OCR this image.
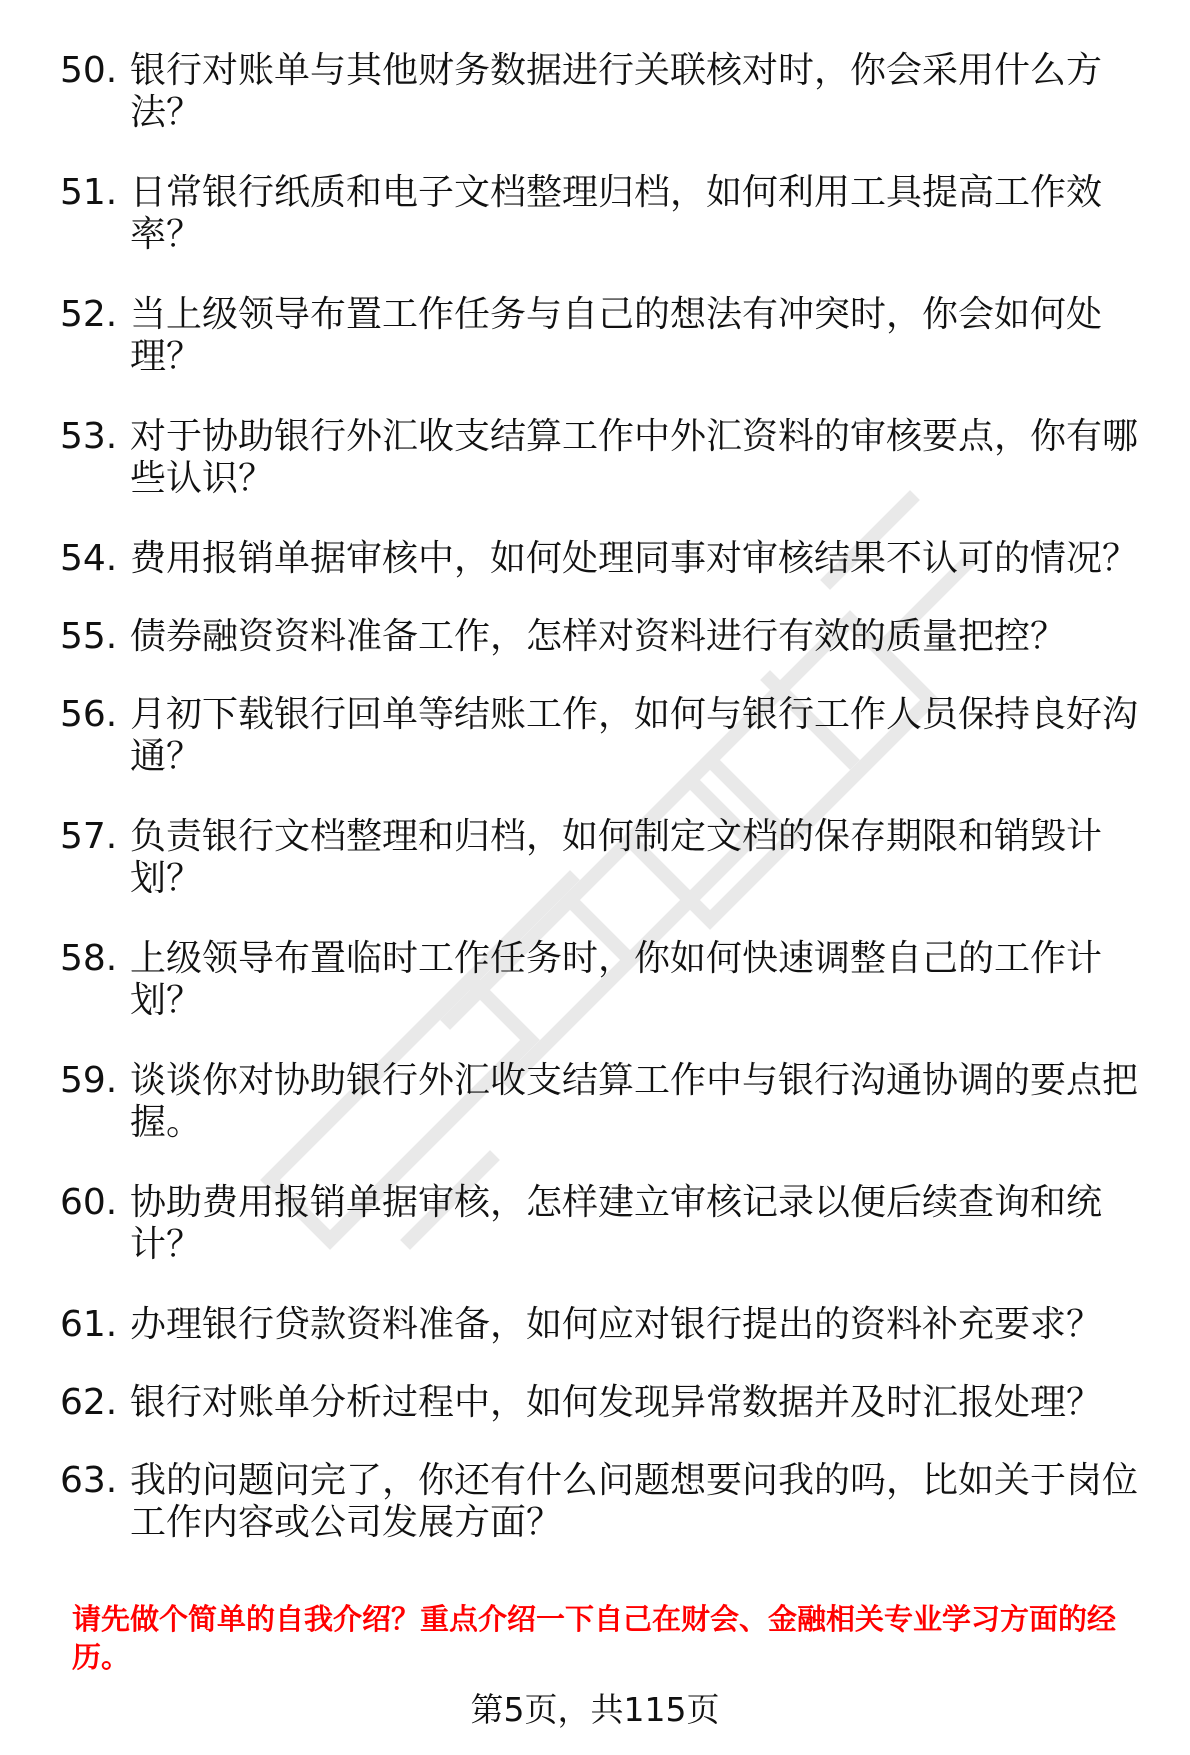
50. 银行对账单与其他财务数据进行关联核对时，你会采用什么方法？
51. 日常银行纸质和电子文档整理归档，如何利用工具提高工作效率？
52. 当上级领导布置工作任务与自己的想法有冲突时，你会如何处理？
53. 对于协助银行外汇收支结算工作中外汇资料的审核要点，你有哪些认识？
54. 费用报销单据审核中，如何处理同事对审核结果不认可的情况？
55. 债券融资资料准备工作，怎样对资料进行有效的质量把控？
56. 月初下载银行回单等结账工作，如何与银行工作人员保持良好沟通？
57. 负责银行文档整理和归档，如何制定文档的保存期限和销毁计划？
58. 上级领导布置临时工作任务时，你如何快速调整自己的工作计划？
59. 谈谈你对协助银行外汇收支结算工作中与银行沟通协调的要点把握。
60. 协助费用报销单据审核，怎样建立审核记录以便后续查询和统计？
61. 办理银行贷款资料准备，如何应对银行提出的资料补充要求？
62. 银行对账单分析过程中，如何发现异常数据并及时汇报处理？
63. 我的问题问完了，你还有什么问题想要问我的吗，比如关于岗位工作内容或公司发展方面？
请先做个简单的自我介绍？重点介绍一下自己在财会、金融相关专业学习方面的经历。
第5页，共115页
